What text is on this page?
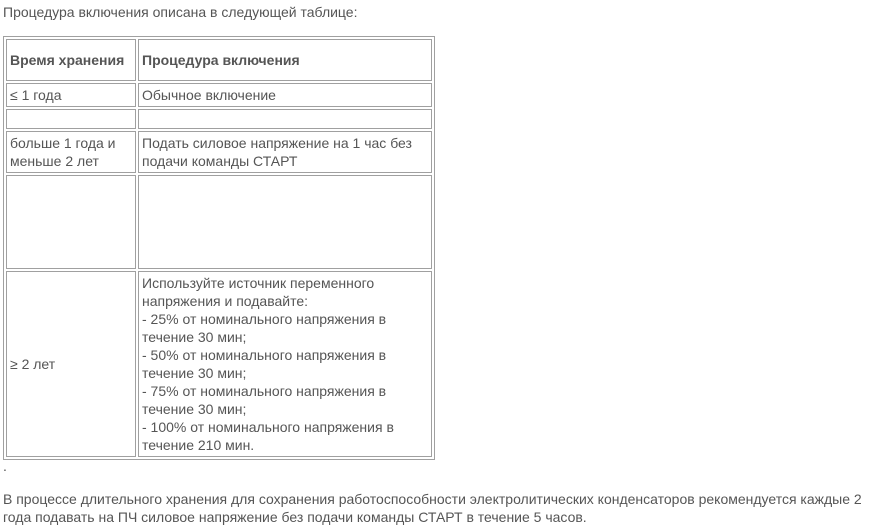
Процедура включения описана в следующей таблице:
Время хранения	Процедура включения
≤ 1 года	Обычное включение

больше 1 года и меньше 2 лет	Подать силовое напряжение на 1 час без подачи команды СТАРТ

≥ 2 лет	Используйте источник переменного напряжения и подавайте:
- 25% от номинального напряжения в течение 30 мин;
- 50% от номинального напряжения в течение 30 мин;
- 75% от номинального напряжения в течение 30 мин;
- 100% от номинального напряжения в течение 210 мин.
.
В процессе длительного хранения для сохранения работоспособности электролитических конденсаторов рекомендуется каждые 2 года подавать на ПЧ силовое напряжение без подачи команды СТАРТ в течение 5 часов.
